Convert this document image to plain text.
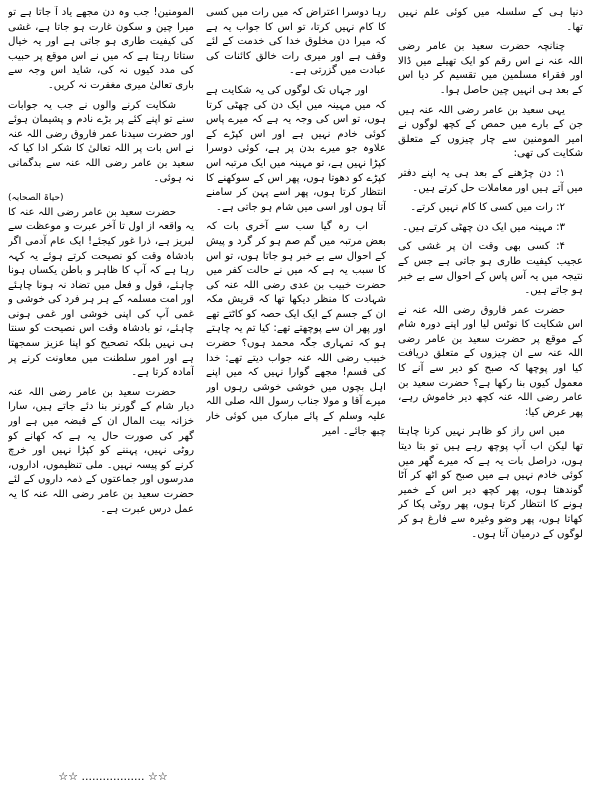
دنیا ہی کے سلسلہ میں کوئی علم نہیں تھا۔

چنانچہ حضرت سعید بن عامر رضی اللہ عنہ نے اس رقم کو ایک تھیلے میں ڈالا اور فقراء مسلمین میں تقسیم کر دیا اس کے بعد ہی انہیں چین حاصل ہوا۔

یہی سعید بن عامر رضی اللہ عنہ ہیں جن کے بارے میں حمص کے کچھ لوگوں نے امیر المومنین سے چار چیزوں کے متعلق شکایت کی تھی:

۱: دن چڑھنے کے بعد ہی یہ اپنے دفتر میں آتے ہیں اور معاملات حل کرتے ہیں۔

۲: رات میں کسی کا کام نہیں کرتے۔

۳: مہینہ میں ایک دن چھٹی کرتے ہیں۔

۴: کسی بھی وقت ان پر غشی کی عجیب کیفیت طاری ہو جاتی ہے جس کے نتیجہ میں یہ آس پاس کے احوال سے بے خبر ہو جاتے ہیں۔

حضرت عمر فاروق رضی اللہ عنہ نے اس شکایت کا نوٹس لیا اور اپنے دورہ شام کے موقع پر حضرت سعید بن عامر رضی اللہ عنہ سے ان چیزوں کے متعلق دریافت کیا اور پوچھا کہ صبح کو دیر سے آنے کا معمول کیوں بنا رکھا ہے؟ حضرت سعید بن عامر رضی اللہ عنہ کچھ دیر خاموش رہے، پھر عرض کیا:

میں اس راز کو ظاہر نہیں کرنا چاہتا تھا لیکن اب آپ پوچھ رہے ہیں تو بتا دیتا ہوں، دراصل بات یہ ہے کہ میرے گھر میں کوئی خادم نہیں ہے میں صبح کو اٹھ کر آٹا گوندھتا ہوں، پھر کچھ دیر اس کے خمیر ہونے کا انتظار کرتا ہوں، پھر روٹی پکا کر کھاتا ہوں، پھر وضو وغیرہ سے فارغ ہو کر لوگوں کے درمیان آتا ہوں۔

رہا دوسرا اعتراض کہ میں رات میں کسی کا کام نہیں کرتا، تو اس کا جواب یہ ہے کہ میرا دن مخلوق خدا کی خدمت کے لئے وقف ہے اور میری رات خالق کائنات کی عبادت میں گزرتی ہے۔

اور جہاں تک لوگوں کی یہ شکایت ہے کہ میں مہینہ میں ایک دن کی چھٹی کرتا ہوں، تو اس کی وجہ یہ ہے کہ میرے پاس کوئی خادم نہیں ہے اور اس کپڑے کے علاوہ جو میرے بدن پر ہے، کوئی دوسرا کپڑا نہیں ہے، تو مہینہ میں ایک مرتبہ اس کپڑے کو دھوتا ہوں، پھر اس کے سوکھنے کا انتظار کرتا ہوں، پھر اسے پہن کر سامنے آتا ہوں اور اسی میں شام ہو جاتی ہے۔

اب رہ گیا سب سے آخری بات کہ بعض مرتبہ میں گم صم ہو کر گرد و پیش کے احوال سے بے خبر ہو جاتا ہوں، تو اس کا سبب یہ ہے کہ میں نے حالت کفر میں حضرت خبیب بن عدی رضی اللہ عنہ کی شہادت کا منظر دیکھا تھا کہ قریش مکہ ان کے جسم کے ایک ایک حصہ کو کاٹتے تھے اور پھر ان سے پوچھتے تھے: کیا تم یہ چاہتے ہو کہ تمہاری جگہ محمد ہوں؟ حضرت خبیب رضی اللہ عنہ جواب دیتے تھے: خدا کی قسم! مجھے گوارا نہیں کہ میں اپنے اہل بچوں میں خوشی خوشی رہوں اور میرے آقا و مولا جناب رسول اللہ صلی اللہ علیہ وسلم کے پائے مبارک میں کوئی خار چبھ جائے۔ امیر

المومنین! جب وہ دن مجھے یاد آ جاتا ہے تو میرا چین و سکون غارت ہو جاتا ہے، غشی کی کیفیت طاری ہو جاتی ہے اور یہ خیال ستاتا رہتا ہے کہ میں نے اس موقع پر حبیب کی مدد کیوں نہ کی، شاید اس وجہ سے باری تعالیٰ میری مغفرت نہ کریں۔

شکایت کرنے والوں نے جب یہ جوابات سنے تو اپنے کئے پر بڑے نادم و پشیمان ہوئے اور حضرت سیدنا عمر فاروق رضی اللہ عنہ نے اس بات پر اللہ تعالیٰ کا شکر ادا کیا کہ سعید بن عامر رضی اللہ عنہ سے بدگمانی نہ ہوئی۔

(حیاۃ الصحابہ)

حضرت سعید بن عامر رضی اللہ عنہ کا یہ واقعہ از اول تا آخر عبرت و موعظت سے لبریز ہے، ذرا غور کیجئے! ایک عام آدمی اگر بادشاہ وقت کو نصیحت کرتے ہوئے یہ کہہ رہا ہے کہ آپ کا ظاہر و باطن یکساں ہونا چاہئے، قول و فعل میں تضاد نہ ہونا چاہئے اور امت مسلمہ کے ہر ہر فرد کی خوشی و غمی آپ کی اپنی خوشی اور غمی ہونی چاہئے، تو بادشاہ وقت اس نصیحت کو سنتا ہی نہیں بلکہ تصحیح کو اپنا عزیز سمجھتا ہے اور امور سلطنت میں معاونت کرنے پر آمادہ کرتا ہے۔

حضرت سعید بن عامر رضی اللہ عنہ دیار شام کے گورنر بنا دئے جاتے ہیں، سارا خزانہ بیت المال ان کے قبضہ میں ہے اور گھر کی صورت حال یہ ہے کہ کھانے کو روٹی نہیں، پہننے کو کپڑا نہیں اور خرچ کرنے کو پیسہ نہیں۔ ملی تنظیموں، اداروں، مدرسوں اور جماعتوں کے ذمہ داروں کے لئے حضرت سعید بن عامر رضی اللہ عنہ کا یہ عمل درس عبرت ہے۔

☆☆ .................. ☆☆
